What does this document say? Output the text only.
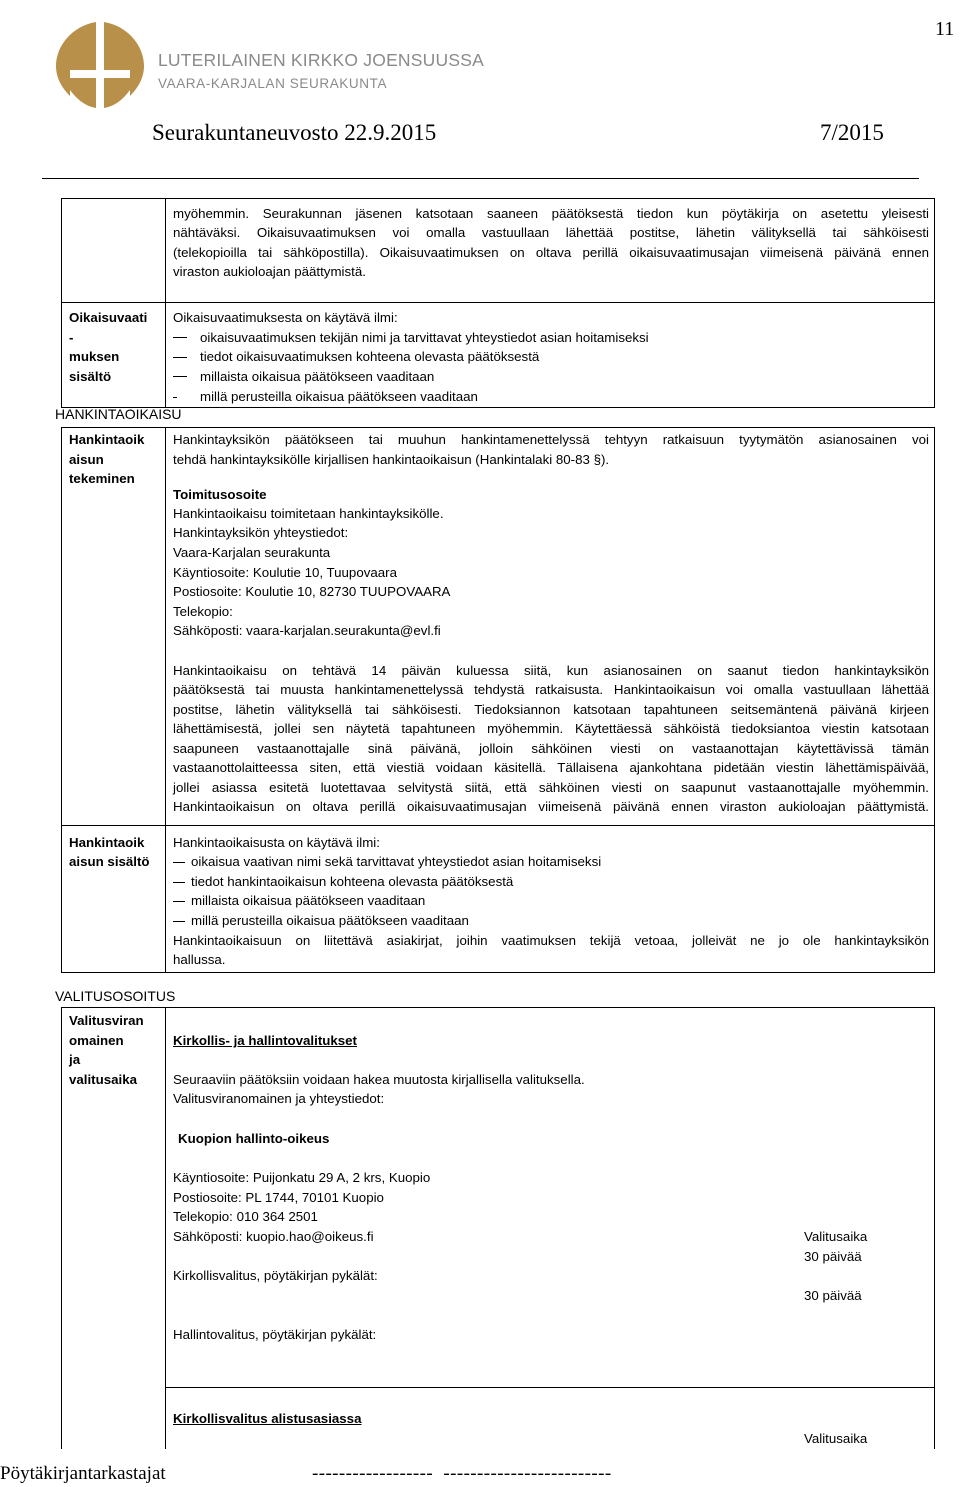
11
LUTERILAINEN KIRKKO JOENSUUSSA
VAARA-KARJALAN SEURAKUNTA
Seurakuntaneuvosto 22.9.2015	7/2015
myöhemmin. Seurakunnan jäsenen katsotaan saaneen päätöksestä tiedon kun pöytäkirja on asetettu yleisesti
nähtäväksi. Oikaisuvaatimuksen voi omalla vastuullaan lähettää postitse, lähetin välityksellä tai sähköisesti
(telekopioilla tai sähköpostilla). Oikaisuvaatimuksen on oltava perillä oikaisuvaatimusajan viimeisenä päivänä ennen
viraston aukioloajan päättymistä.
Oikaisuvaati
-
muksen
sisältö
Oikaisuvaatimuksesta on käytävä ilmi:
oikaisuvaatimuksen tekijän nimi ja tarvittavat yhteystiedot asian hoitamiseksi
tiedot oikaisuvaatimuksen kohteena olevasta päätöksestä
millaista oikaisua päätökseen vaaditaan
millä perusteilla oikaisua päätökseen vaaditaan
HANKINTAOIKAISU
Hankintaoik
aisun
tekeminen
Hankintayksikön päätökseen tai muuhun hankintamenettelyssä tehtyyn ratkaisuun tyytymätön asianosainen voi
tehdä hankintayksikölle kirjallisen hankintaoikaisun (Hankintalaki 80-83 §).
Toimitusosoite
Hankintaoikaisu toimitetaan hankintayksikölle.
Hankintayksikön yhteystiedot:
Vaara-Karjalan seurakunta
Käyntiosoite: Koulutie 10, Tuupovaara
Postiosoite: Koulutie 10, 82730 TUUPOVAARA
Telekopio:
Sähköposti: vaara-karjalan.seurakunta@evl.fi
Hankintaoikaisu on tehtävä 14 päivän kuluessa siitä, kun asianosainen on saanut tiedon hankintayksikön
päätöksestä tai muusta hankintamenettelyssä tehdystä ratkaisusta. Hankintaoikaisun voi omalla vastuullaan lähettää
postitse, lähetin välityksellä tai sähköisesti. Tiedoksiannon katsotaan tapahtuneen seitsemäntenä päivänä kirjeen
lähettämisestä, jollei sen näytetä tapahtuneen myöhemmin. Käytettäessä sähköistä tiedoksiantoa viestin katsotaan
saapuneen vastaanottajalle sinä päivänä, jolloin sähköinen viesti on vastaanottajan käytettävissä tämän
vastaanottolaitteessa siten, että viestiä voidaan käsitellä. Tällaisena ajankohtana pidetään viestin lähettämispäivää,
jollei asiassa esitetä luotettavaa selvitystä siitä, että sähköinen viesti on saapunut vastaanottajalle myöhemmin.
Hankintaoikaisun on oltava perillä oikaisuvaatimusajan viimeisenä päivänä ennen viraston aukioloajan päättymistä.
Hankintaoik
aisun sisältö
Hankintaoikaisusta on käytävä ilmi:
oikaisua vaativan nimi sekä tarvittavat yhteystiedot asian hoitamiseksi
tiedot hankintaoikaisun kohteena olevasta päätöksestä
millaista oikaisua päätökseen vaaditaan
millä perusteilla oikaisua päätökseen vaaditaan
Hankintaoikaisuun on liitettävä asiakirjat, joihin vaatimuksen tekijä vetoaa, jolleivät ne jo ole hankintayksikön
hallussa.
VALITUSOSOITUS
Valitusviran
omainen
ja
valitusaika
Kirkollis- ja hallintovalitukset
Seuraaviin päätöksiin voidaan hakea muutosta kirjallisella valituksella.
Valitusviranomainen ja yhteystiedot:
Kuopion hallinto-oikeus
Käyntiosoite: Puijonkatu 29 A, 2 krs, Kuopio
Postiosoite: PL 1744, 70101 Kuopio
Telekopio: 010 364 2501
Sähköposti: kuopio.hao@oikeus.fi
Kirkollisvalitus, pöytäkirjan pykälät:
Hallintovalitus, pöytäkirjan pykälät:
Valitusaika
30 päivää
30 päivää
Kirkollisvalitus alistusasiassa
Valitusaika
Pöytäkirjantarkastajat	------------------  -------------------------
